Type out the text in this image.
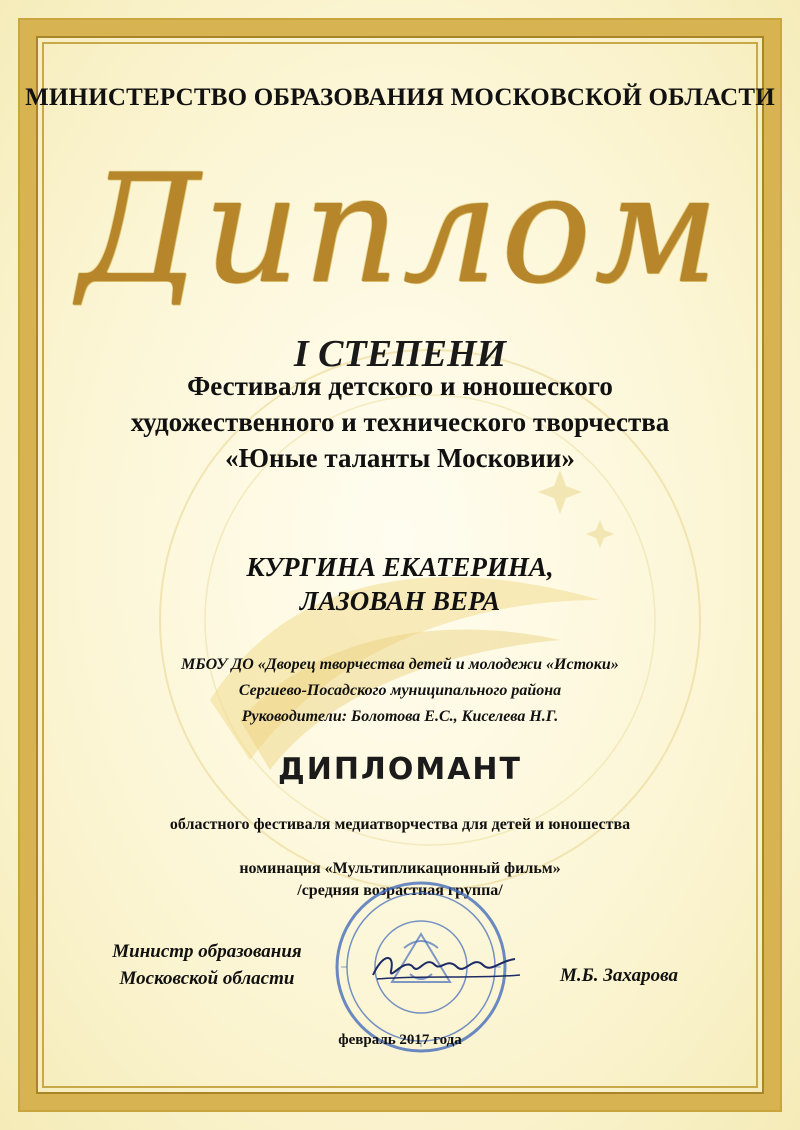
МИНИСТЕРСТВО ОБРАЗОВАНИЯ МОСКОВСКОЙ ОБЛАСТИ

Диплом

I СТЕПЕНИ

Фестиваля детского и юношеского
художественного и технического творчества
«Юные таланты Московии»
КУРГИНА ЕКАТЕРИНА,
ЛАЗОВАН ВЕРА
МБОУ ДО «Дворец творчества детей и молодежи «Истоки»
Сергиево-Посадского муниципального района
Руководители: Болотова Е.С., Киселева Н.Г.

ДИПЛОМАНТ

областного фестиваля медиатворчества для детей и юношества

номинация «Мультипликационный фильм»
/средняя возрастная группа/
Министр образования
Московской области	М.Б. Захарова

февраль 2017 года
